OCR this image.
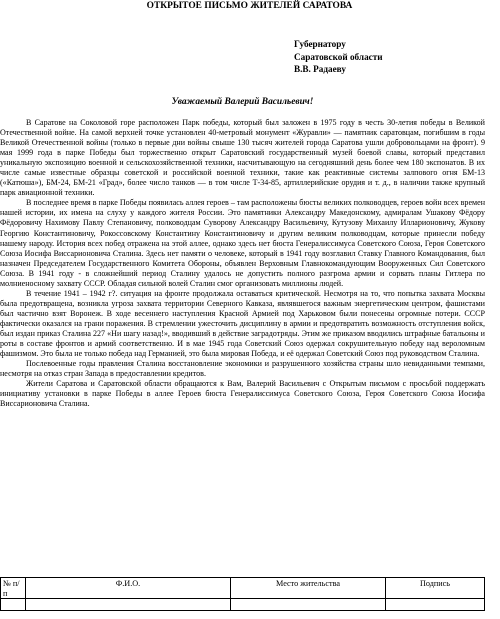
ОТКРЫТОЕ ПИСЬМО ЖИТЕЛЕЙ САРАТОВА
Губернатору
Саратовской области
В.В. Радаеву
Уважаемый Валерий Васильевич!

В Саратове на Соколовой горе расположен Парк победы, который был заложен в 1975 году в честь 30-летия победы в Великой Отечественной войне. На самой верхней точке установлен 40-метровый монумент «Журавли» — памятник саратовцам, погибшим в годы Великой Отечественной войны (только в первые дни войны свыше 130 тысяч жителей города Саратова ушли добровольцами на фронт). 9 мая 1999 года в парке Победы был торжественно открыт Саратовский государственный музей боевой славы, который представил уникальную экспозицию военной и сельскохозяйственной техники, насчитывающую на сегодняшний день более чем 180 экспонатов. В их числе самые известные образцы советской и российской военной техники, такие как реактивные системы залпового огня БМ-13 («Катюша»), БМ-24, БМ-21 «Град», более число танков — в том числе Т-34-85, артиллерийские орудия и т. д., в наличии также крупный парк авиационной техники.

В последнее время в парке Победы появилась аллея героев – там расположены бюсты великих полководцев, героев войн всех времен нашей истории, их имена на слуху у каждого жителя России. Это памятники Александру Македонскому, адмиралам Ушакову Фёдору Фёдоровичу Нахимову Павлу Степановичу, полководцам Суворову Александру Васильевичу, Кутузову Михаилу Илларионовичу, Жукову Георгию Константиновичу, Рокоссовскому Константину Константиновичу и другим великим полководцам, которые принесли победу нашему народу. История всех побед отражена на этой аллее, однако здесь нет бюста Генералиссимуса Советского Союза, Героя Советского Союза Иосифа Виссарионовича Сталина. Здесь нет памяти о человеке, который в 1941 году возглавил Ставку Главного Командования, был назначен Председателем Государственного Комитета Обороны, объявлен Верховным Главнокомандующим Вооруженных Сил Советского Союза. В 1941 году - в сложнейший период Сталину удалось не допустить полного разгрома армии и сорвать планы Гитлера по молниеносному захвату СССР. Обладая сильной волей Сталин смог организовать миллионы людей.

В течение 1941 – 1942 г?. ситуация на фронте продолжала оставаться критической. Несмотря на то, что попытка захвата Москвы была предотвращена, возникла угроза захвата территории Северного Кавказа, являвшегося важным энергетическим центром, фашистами был частично взят Воронеж. В ходе весеннего наступления Красной Армией под Харьковом были понесены огромные потери. СССР фактически оказался на грани поражения. В стремлении ужесточить дисциплину в армии и предотвратить возможность отступления войск, был издан приказ Сталина 227 «Ни шагу назад!», вводивший в действие заградотряды. Этим же приказом вводились штрафные батальоны и роты в составе фронтов и армий соответственно. И в мае 1945 года Советский Союз одержал сокрушительную победу над вероломным фашизмом. Это была не только победа над Германией, это была мировая Победа, и её одержал Советский Союз под руководством Сталина.

Послевоенные годы правления Сталина восстановление экономики и разрушенного хозяйства страны шло невиданными темпами, несмотря на отказ стран Запада в предоставлении кредитов.

Жители Саратова и Саратовской области обращаются к Вам, Валерий Васильевич с Открытым письмом с просьбой поддержать инициативу установки в парке Победы в аллее Героев бюста Генералиссимуса Советского Союза, Героя Советского Союза Иосифа Виссарионовича Сталина.

№ п/п	Ф.И.О.	Место жительства	Подпись
